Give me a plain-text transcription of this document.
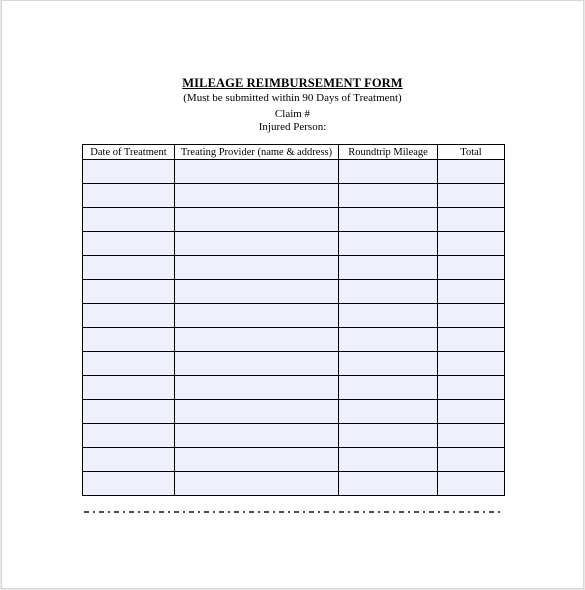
MILEAGE REIMBURSEMENT FORM
(Must be submitted within 90 Days of Treatment)
Claim #
Injured Person:
Date of Treatment	Treating Provider (name & address)	Roundtrip Mileage	Total
